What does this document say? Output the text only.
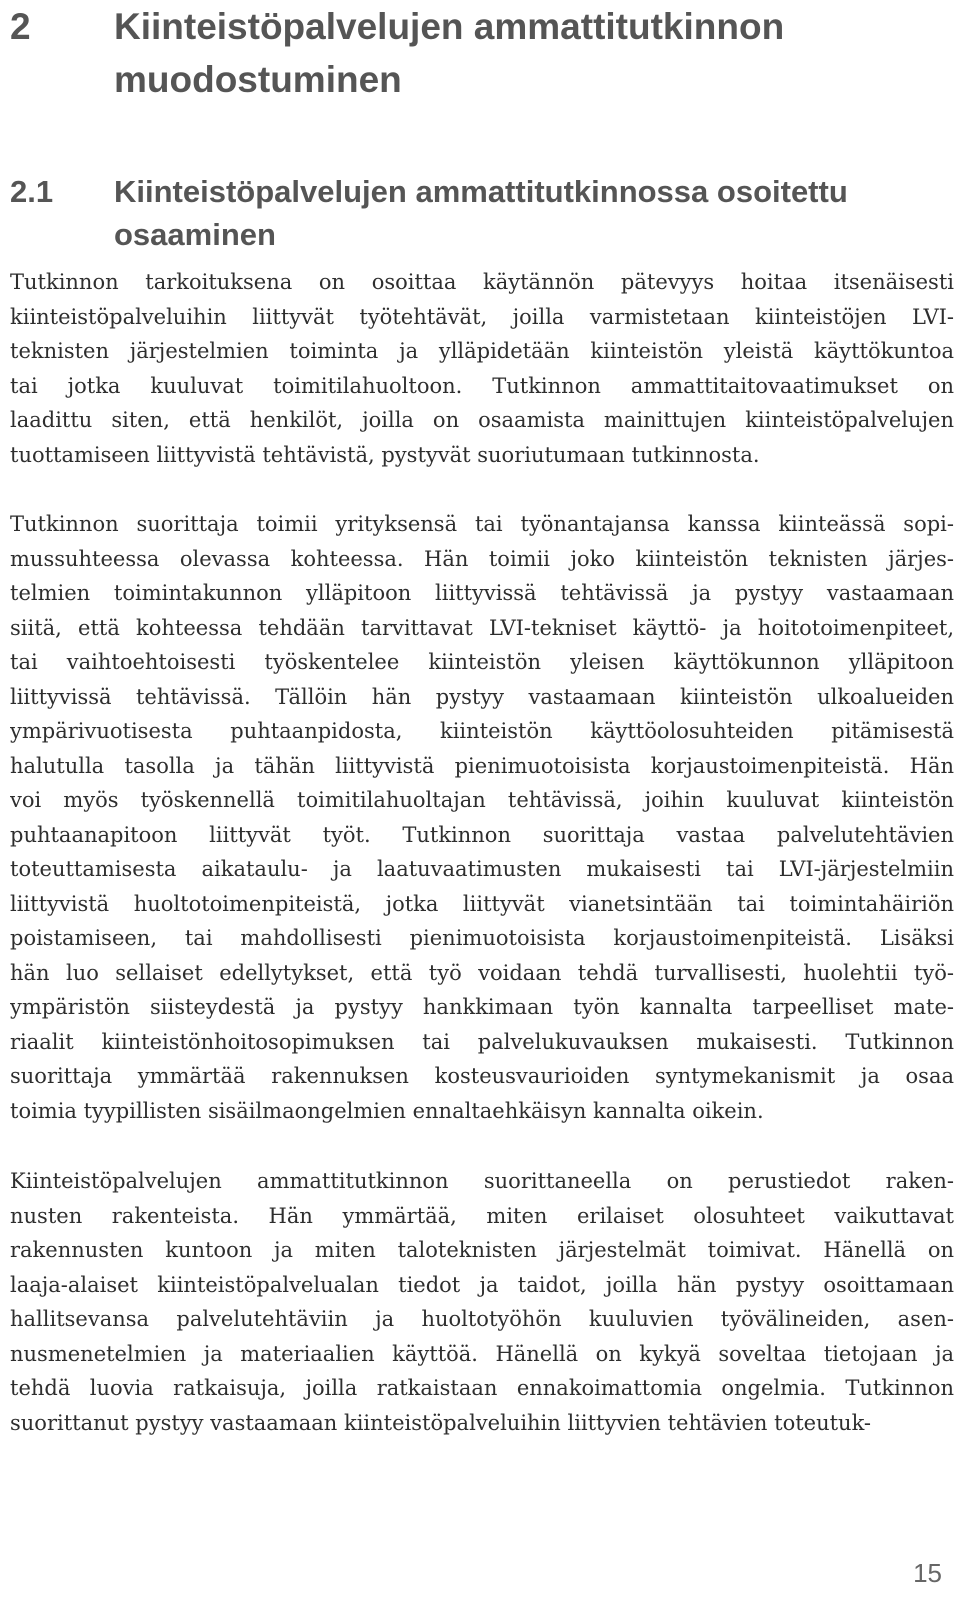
2	Kiinteistöpalvelujen ammattitutkinnon
muodostuminen
2.1	Kiinteistöpalvelujen ammattitutkinnossa osoitettu
osaaminen
Tutkinnon tarkoituksena on osoittaa käytännön pätevyys hoitaa itsenäisesti
kiinteistöpalveluihin liittyvät työtehtävät, joilla varmistetaan kiinteistöjen LVI-
teknisten järjestelmien toiminta ja ylläpidetään kiinteistön yleistä käyttökuntoa
tai jotka kuuluvat toimitilahuoltoon. Tutkinnon ammattitaitovaatimukset on
laadittu siten, että henkilöt, joilla on osaamista mainittujen kiinteistöpalvelujen
tuottamiseen liittyvistä tehtävistä, pystyvät suoriutumaan tutkinnosta.
Tutkinnon suorittaja toimii yrityksensä tai työnantajansa kanssa kiinteässä sopi-
mussuhteessa olevassa kohteessa. Hän toimii joko kiinteistön teknisten järjes-
telmien toimintakunnon ylläpitoon liittyvissä tehtävissä ja pystyy vastaamaan
siitä, että kohteessa tehdään tarvittavat LVI-tekniset käyttö- ja hoitotoimenpiteet,
tai vaihtoehtoisesti työskentelee kiinteistön yleisen käyttökunnon ylläpitoon
liittyvissä tehtävissä. Tällöin hän pystyy vastaamaan kiinteistön ulkoalueiden
ympärivuotisesta puhtaanpidosta, kiinteistön käyttöolosuhteiden pitämisestä
halutulla tasolla ja tähän liittyvistä pienimuotoisista korjaustoimenpiteistä. Hän
voi myös työskennellä toimitilahuoltajan tehtävissä, joihin kuuluvat kiinteistön
puhtaanapitoon liittyvät työt. Tutkinnon suorittaja vastaa palvelutehtävien
toteuttamisesta aikataulu- ja laatuvaatimusten mukaisesti tai LVI-järjestelmiin
liittyvistä huoltotoimenpiteistä, jotka liittyvät vianetsintään tai toimintahäiriön
poistamiseen, tai mahdollisesti pienimuotoisista korjaustoimenpiteistä. Lisäksi
hän luo sellaiset edellytykset, että työ voidaan tehdä turvallisesti, huolehtii työ-
ympäristön siisteydestä ja pystyy hankkimaan työn kannalta tarpeelliset mate-
riaalit kiinteistönhoitosopimuksen tai palvelukuvauksen mukaisesti. Tutkinnon
suorittaja ymmärtää rakennuksen kosteusvaurioiden syntymekanismit ja osaa
toimia tyypillisten sisäilmaongelmien ennaltaehkäisyn kannalta oikein.
Kiinteistöpalvelujen ammattitutkinnon suorittaneella on perustiedot raken-
nusten rakenteista. Hän ymmärtää, miten erilaiset olosuhteet vaikuttavat
rakennusten kuntoon ja miten taloteknisten järjestelmät toimivat. Hänellä on
laaja-alaiset kiinteistöpalvelualan tiedot ja taidot, joilla hän pystyy osoittamaan
hallitsevansa palvelutehtäviin ja huoltotyöhön kuuluvien työvälineiden, asen-
nusmenetelmien ja materiaalien käyttöä. Hänellä on kykyä soveltaa tietojaan ja
tehdä luovia ratkaisuja, joilla ratkaistaan ennakoimattomia ongelmia. Tutkinnon
suorittanut pystyy vastaamaan kiinteistöpalveluihin liittyvien tehtävien toteutuk-
15
